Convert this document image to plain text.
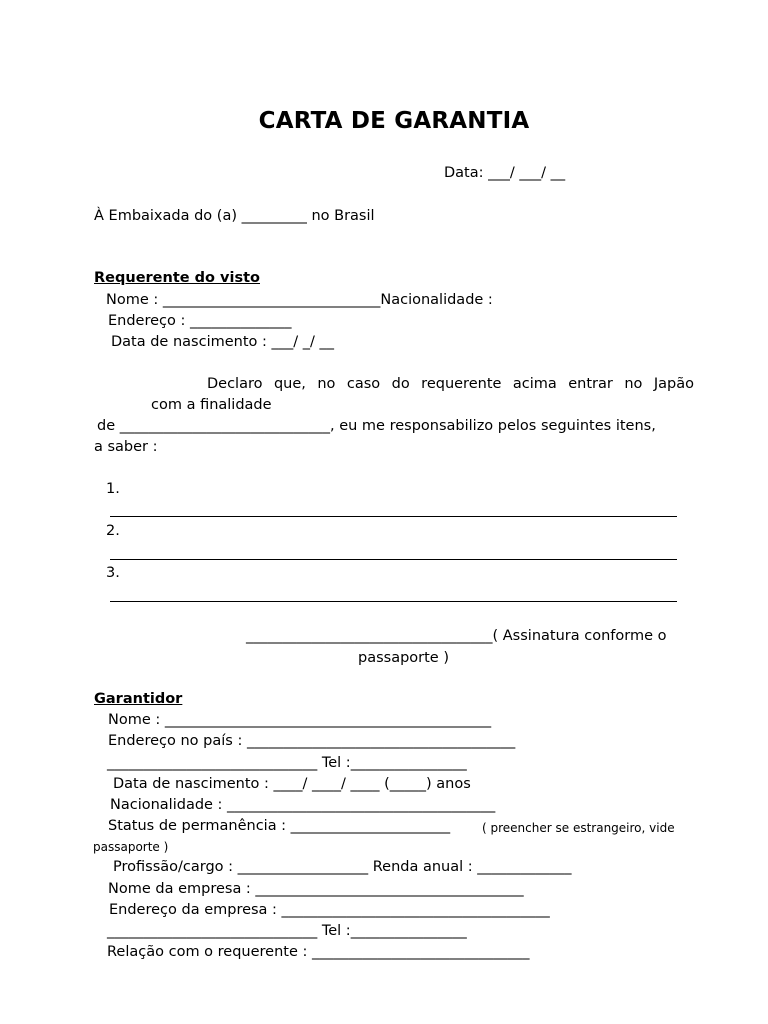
CARTA DE GARANTIA
Data: ___/ ___/ __
À Embaixada do (a) _________ no Brasil
Requerente do visto
Nome : ______________________________Nacionalidade :
Endereço : ______________
Data de nascimento : ___/ _/ __
Declaro que, no caso do requerente acima entrar no Japão
com a finalidade
de _____________________________, eu me responsabilizo pelos seguintes itens,
a saber :
1.
2.
3.
__________________________________( Assinatura conforme o
passaporte )
Garantidor
Nome : _____________________________________________
Endereço no país : _____________________________________
_____________________________ Tel :________________
Data de nascimento : ____/ ____/ ____ (_____) anos
Nacionalidade : _____________________________________
Status de permanência : ______________________	( preencher se estrangeiro, vide
passaporte )
Profissão/cargo : __________________ Renda anual : _____________
Nome da empresa : _____________________________________
Endereço da empresa : _____________________________________
_____________________________ Tel :________________
Relação com o requerente : ______________________________
